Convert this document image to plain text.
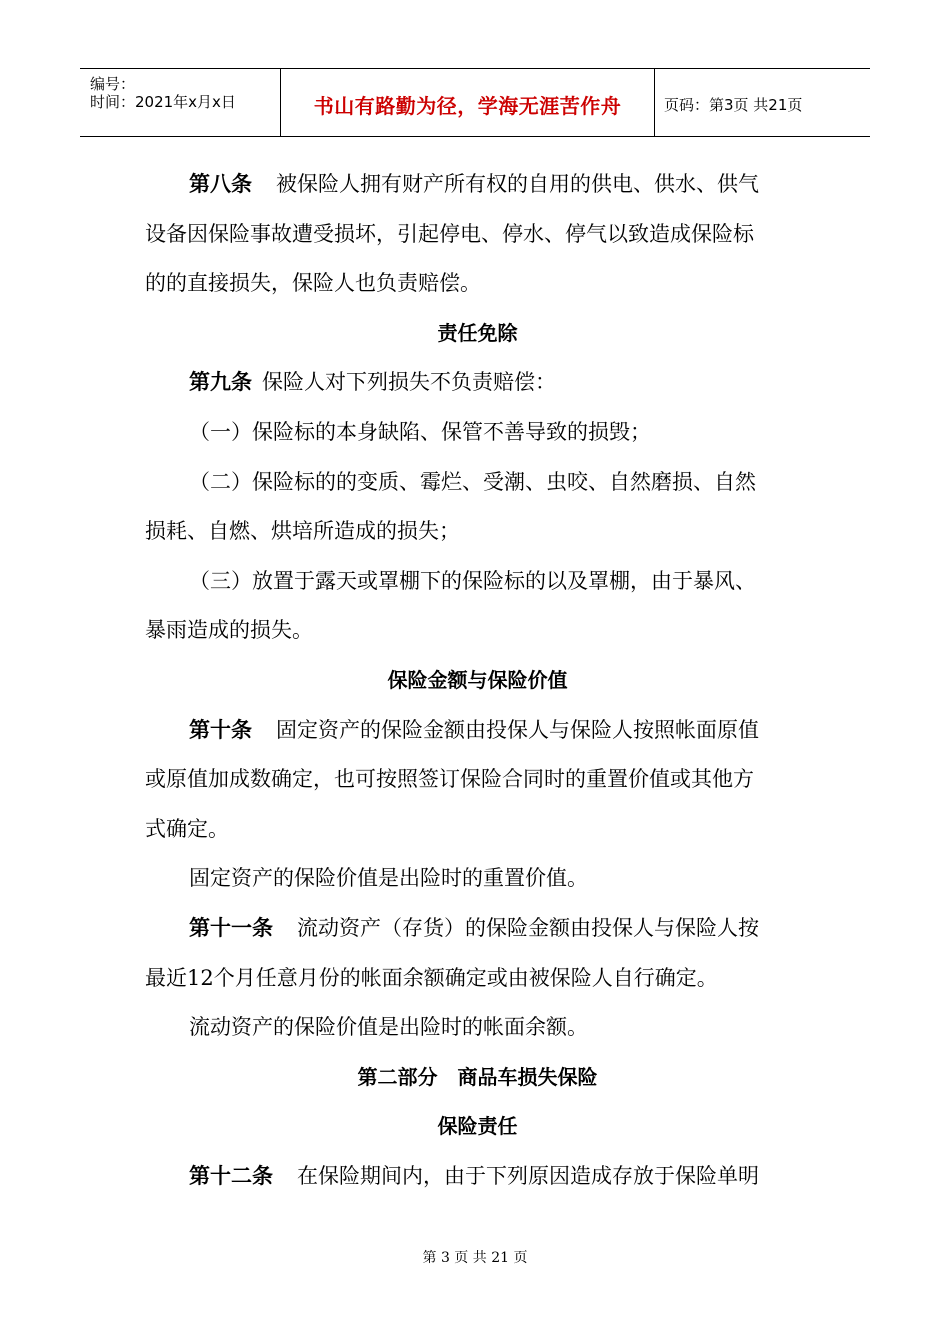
编号：
时间：2021年x月x日	书山有路勤为径，学海无涯苦作舟	页码：第3页 共21页
第八条 被保险人拥有财产所有权的自用的供电、供水、供气
设备因保险事故遭受损坏，引起停电、停水、停气以致造成保险标
的的直接损失，保险人也负责赔偿。
责任免除
第九条 保险人对下列损失不负责赔偿：
（一）保险标的本身缺陷、保管不善导致的损毁；
（二）保险标的的变质、霉烂、受潮、虫咬、自然磨损、自然
损耗、自燃、烘培所造成的损失；
（三）放置于露天或罩棚下的保险标的以及罩棚，由于暴风、
暴雨造成的损失。
保险金额与保险价值
第十条 固定资产的保险金额由投保人与保险人按照帐面原值
或原值加成数确定，也可按照签订保险合同时的重置价值或其他方
式确定。
固定资产的保险价值是出险时的重置价值。
第十一条 流动资产（存货）的保险金额由投保人与保险人按
最近12个月任意月份的帐面余额确定或由被保险人自行确定。
流动资产的保险价值是出险时的帐面余额。
第二部分　商品车损失保险
保险责任
第十二条 在保险期间内，由于下列原因造成存放于保险单明
第 3 页 共 21 页
